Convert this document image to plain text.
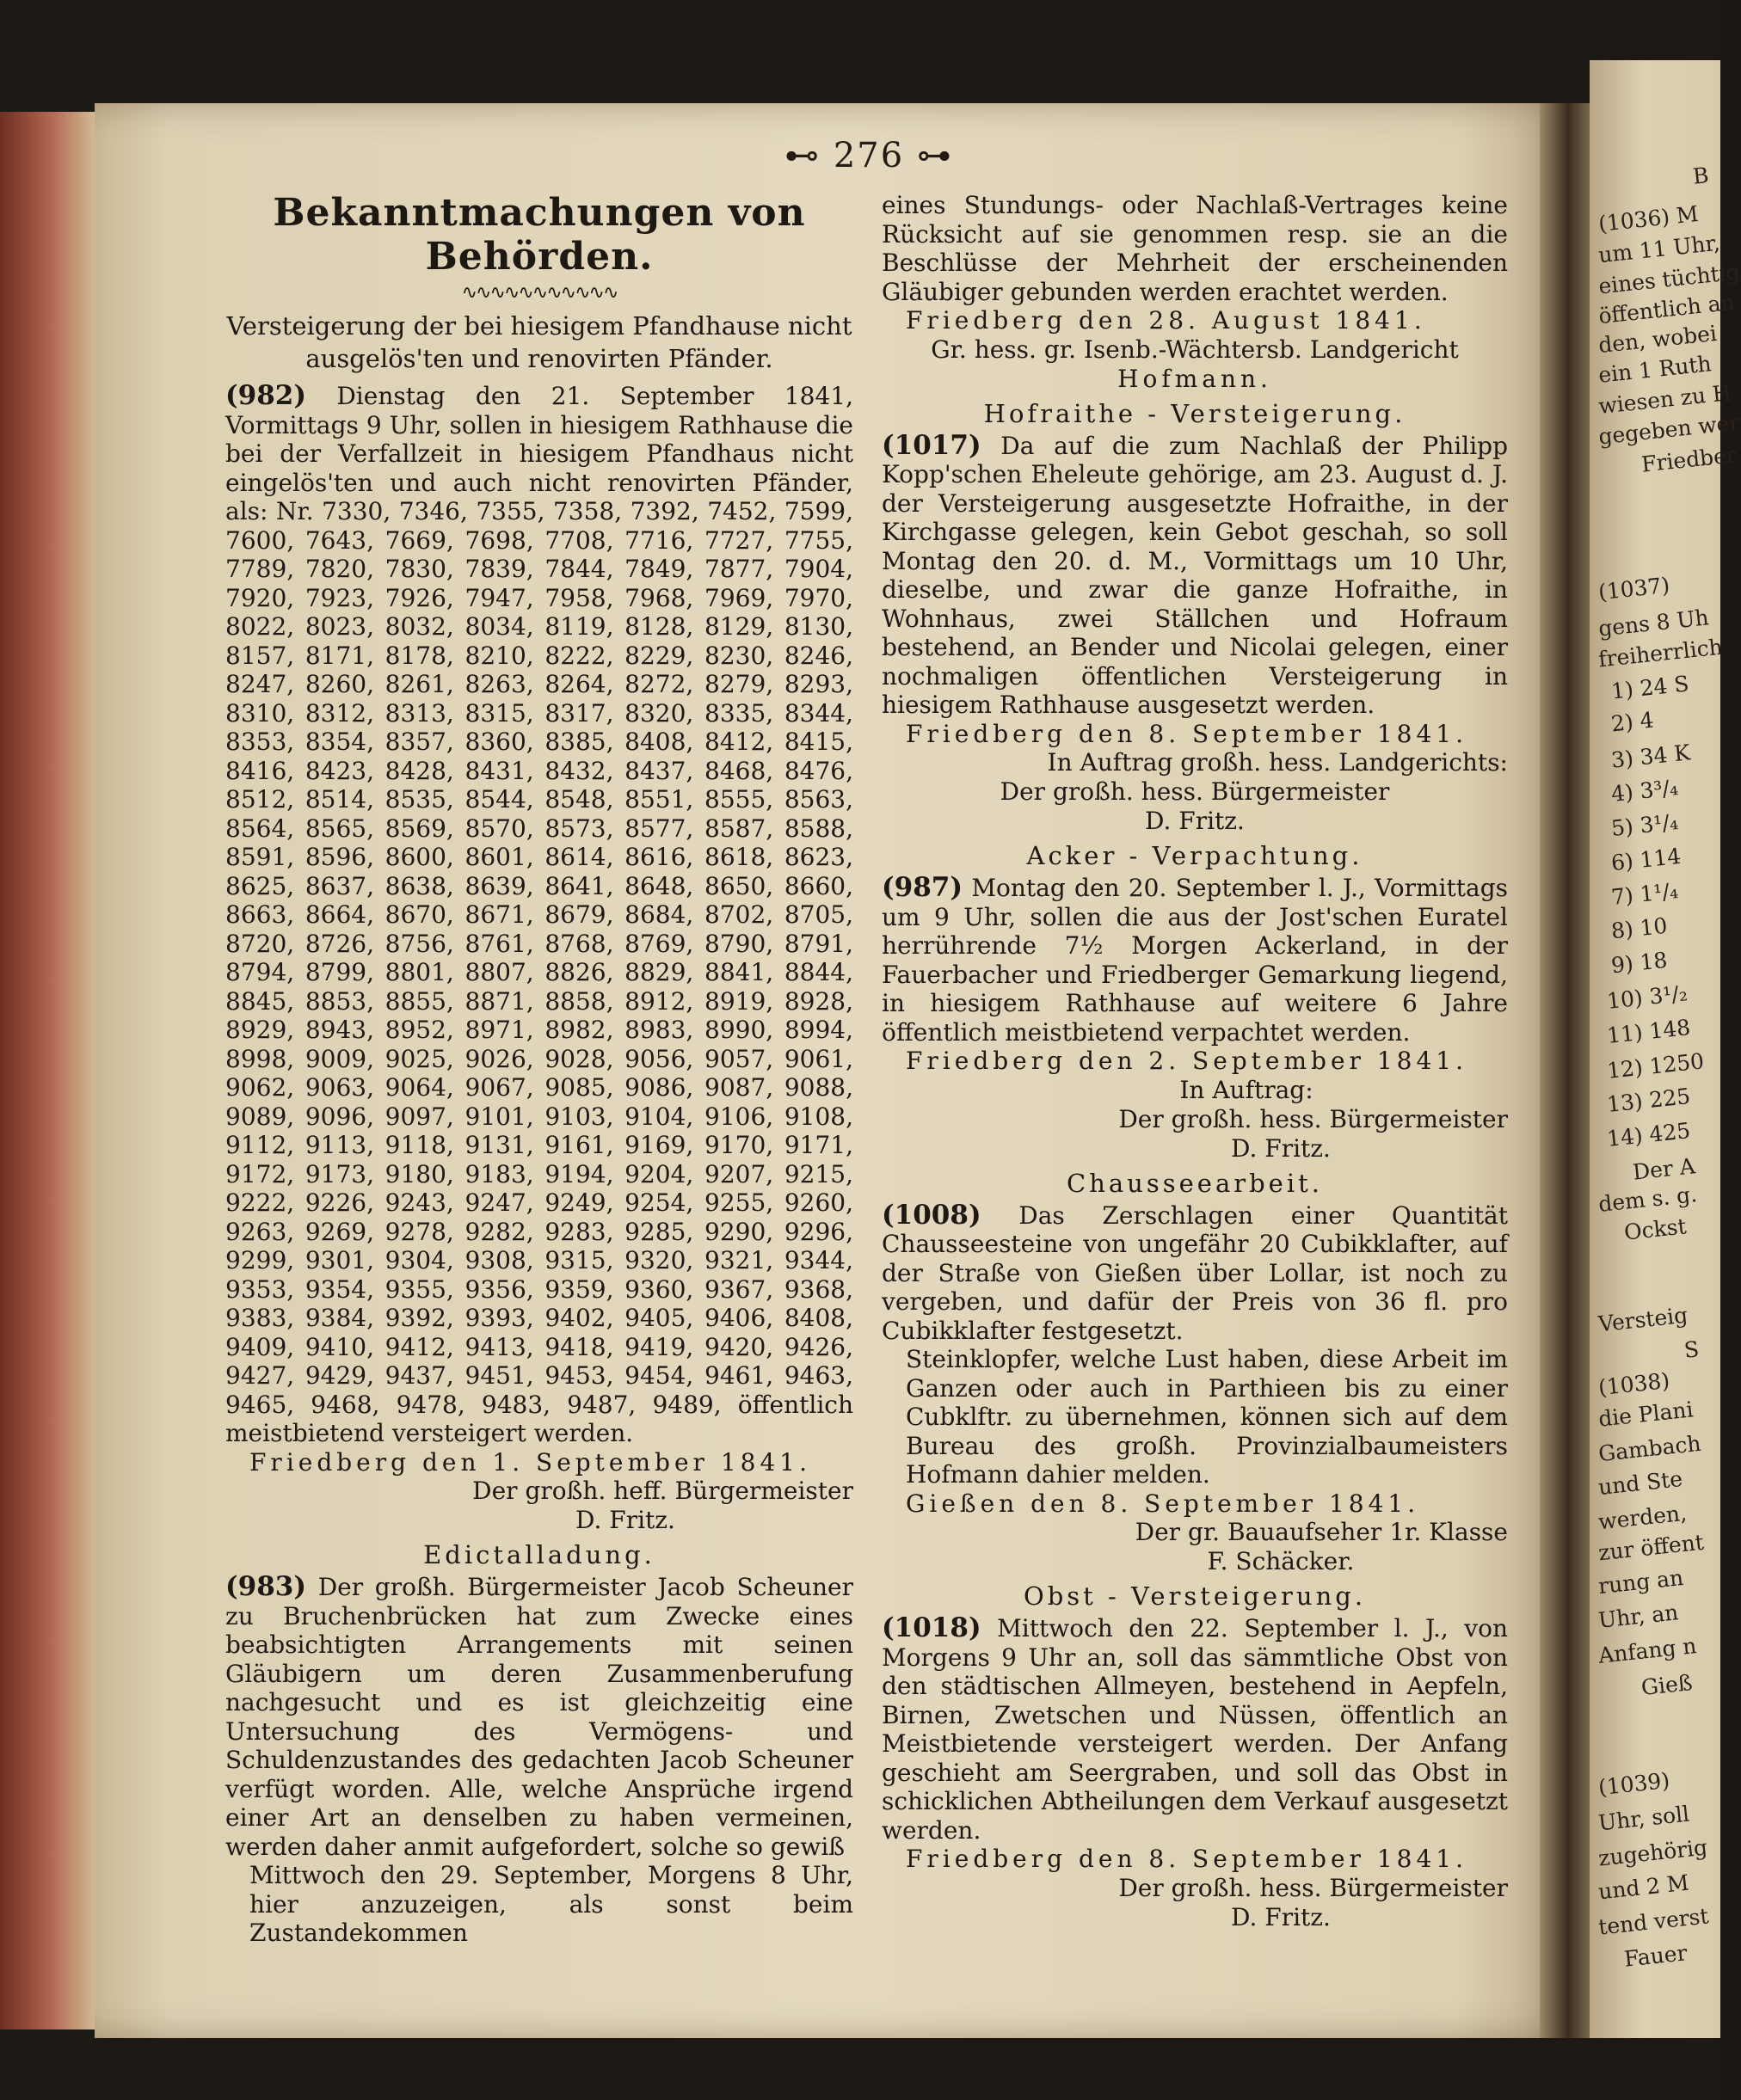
⊷ 276 ⊶

Bekanntmachungen von Behörden.

∿∿∿∿∿∿∿∿∿∿∿

Versteigerung der bei hiesigem Pfandhause nicht ausgelös'ten und renovirten Pfänder.

(982) Dienstag den 21. September 1841, Vormittags 9 Uhr, sollen in hiesigem Rathhause die bei der Verfallzeit in hiesigem Pfandhaus nicht eingelös'ten und auch nicht renovirten Pfänder, als: Nr. 7330, 7346, 7355, 7358, 7392, 7452, 7599, 7600, 7643, 7669, 7698, 7708, 7716, 7727, 7755, 7789, 7820, 7830, 7839, 7844, 7849, 7877, 7904, 7920, 7923, 7926, 7947, 7958, 7968, 7969, 7970, 8022, 8023, 8032, 8034, 8119, 8128, 8129, 8130, 8157, 8171, 8178, 8210, 8222, 8229, 8230, 8246, 8247, 8260, 8261, 8263, 8264, 8272, 8279, 8293, 8310, 8312, 8313, 8315, 8317, 8320, 8335, 8344, 8353, 8354, 8357, 8360, 8385, 8408, 8412, 8415, 8416, 8423, 8428, 8431, 8432, 8437, 8468, 8476, 8512, 8514, 8535, 8544, 8548, 8551, 8555, 8563, 8564, 8565, 8569, 8570, 8573, 8577, 8587, 8588, 8591, 8596, 8600, 8601, 8614, 8616, 8618, 8623, 8625, 8637, 8638, 8639, 8641, 8648, 8650, 8660, 8663, 8664, 8670, 8671, 8679, 8684, 8702, 8705, 8720, 8726, 8756, 8761, 8768, 8769, 8790, 8791, 8794, 8799, 8801, 8807, 8826, 8829, 8841, 8844, 8845, 8853, 8855, 8871, 8858, 8912, 8919, 8928, 8929, 8943, 8952, 8971, 8982, 8983, 8990, 8994, 8998, 9009, 9025, 9026, 9028, 9056, 9057, 9061, 9062, 9063, 9064, 9067, 9085, 9086, 9087, 9088, 9089, 9096, 9097, 9101, 9103, 9104, 9106, 9108, 9112, 9113, 9118, 9131, 9161, 9169, 9170, 9171, 9172, 9173, 9180, 9183, 9194, 9204, 9207, 9215, 9222, 9226, 9243, 9247, 9249, 9254, 9255, 9260, 9263, 9269, 9278, 9282, 9283, 9285, 9290, 9296, 9299, 9301, 9304, 9308, 9315, 9320, 9321, 9344, 9353, 9354, 9355, 9356, 9359, 9360, 9367, 9368, 9383, 9384, 9392, 9393, 9402, 9405, 9406, 8408, 9409, 9410, 9412, 9413, 9418, 9419, 9420, 9426, 9427, 9429, 9437, 9451, 9453, 9454, 9461, 9463, 9465, 9468, 9478, 9483, 9487, 9489, öffentlich meistbietend versteigert werden.

Friedberg den 1. September 1841.

Der großh. heff. Bürgermeister

D. Fritz.

Edictalladung.

(983) Der großh. Bürgermeister Jacob Scheuner zu Bruchenbrücken hat zum Zwecke eines beabsichtigten Arrangements mit seinen Gläubigern um deren Zusammenberufung nachgesucht und es ist gleichzeitig eine Untersuchung des Vermögens- und Schuldenzustandes des gedachten Jacob Scheuner verfügt worden. Alle, welche Ansprüche irgend einer Art an denselben zu haben vermeinen, werden daher anmit aufgefordert, solche so gewiß

Mittwoch den 29. September, Morgens 8 Uhr, hier anzuzeigen, als sonst beim Zustandekommen

eines Stundungs- oder Nachlaß-Vertrages keine Rücksicht auf sie genommen resp. sie an die Beschlüsse der Mehrheit der erscheinenden Gläubiger gebunden werden erachtet werden.

Friedberg den 28. August 1841.

Gr. hess. gr. Isenb.-Wächtersb. Landgericht

Hofmann.

Hofraithe - Versteigerung.

(1017) Da auf die zum Nachlaß der Philipp Kopp'schen Eheleute gehörige, am 23. August d. J. der Versteigerung ausgesetzte Hofraithe, in der Kirchgasse gelegen, kein Gebot geschah, so soll Montag den 20. d. M., Vormittags um 10 Uhr, dieselbe, und zwar die ganze Hofraithe, in Wohnhaus, zwei Ställchen und Hofraum bestehend, an Bender und Nicolai gelegen, einer nochmaligen öffentlichen Versteigerung in hiesigem Rathhause ausgesetzt werden.

Friedberg den 8. September 1841.

In Auftrag großh. hess. Landgerichts:

Der großh. hess. Bürgermeister

D. Fritz.

Acker - Verpachtung.

(987) Montag den 20. September l. J., Vormittags um 9 Uhr, sollen die aus der Jost'schen Euratel herrührende 7½ Morgen Ackerland, in der Fauerbacher und Friedberger Gemarkung liegend, in hiesigem Rathhause auf weitere 6 Jahre öffentlich meistbietend verpachtet werden.

Friedberg den 2. September 1841.

In Auftrag:

Der großh. hess. Bürgermeister

D. Fritz.

Chausseearbeit.

(1008) Das Zerschlagen einer Quantität Chausseesteine von ungefähr 20 Cubikklafter, auf der Straße von Gießen über Lollar, ist noch zu vergeben, und dafür der Preis von 36 fl. pro Cubikklafter festgesetzt.

Steinklopfer, welche Lust haben, diese Arbeit im Ganzen oder auch in Parthieen bis zu einer Cubklftr. zu übernehmen, können sich auf dem Bureau des großh. Provinzialbaumeisters Hofmann dahier melden.

Gießen den 8. September 1841.

Der gr. Bauaufseher 1r. Klasse

F. Schäcker.

Obst - Versteigerung.

(1018) Mittwoch den 22. September l. J., von Morgens 9 Uhr an, soll das sämmtliche Obst von den städtischen Allmeyen, bestehend in Aepfeln, Birnen, Zwetschen und Nüssen, öffentlich an Meistbietende versteigert werden. Der Anfang geschieht am Seergraben, und soll das Obst in schicklichen Abtheilungen dem Verkauf ausgesetzt werden.

Friedberg den 8. September 1841.

Der großh. hess. Bürgermeister

D. Fritz.

B
(1036) M
um 11 Uhr,
eines tüchtig
öffentlich an
den, wobei
ein 1 Ruth
wiesen zu H
gegeben wer
Friedber
(1037)
gens 8 Uh
freiherrlich
1) 24 S
2) 4
3) 34 K
4) 3³/₄
5) 3¹/₄
6) 114
7) 1¹/₄
8) 10
9) 18
10) 3¹/₂
11) 148
12) 1250
13) 225
14) 425
Der A
dem s. g.
Ockst
Versteig
S
(1038)
die Plani
Gambach
und Ste
werden,
zur öffent
rung an
Uhr, an
Anfang n
Gieß
(1039)
Uhr, soll
zugehörig
und 2 M
tend verst
Fauer
